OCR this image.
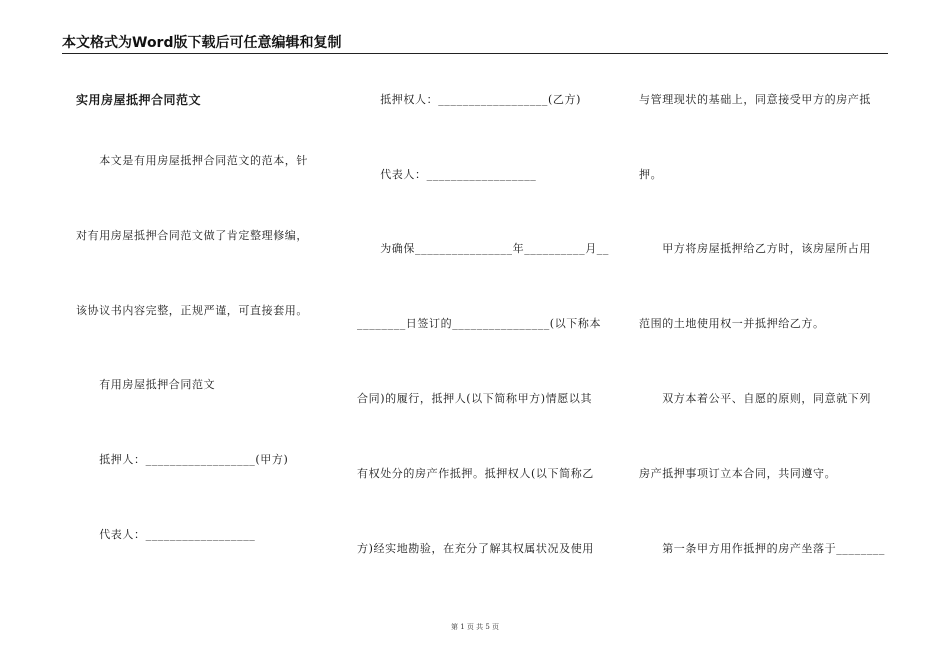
本文格式为Word版下载后可任意编辑和复制
实用房屋抵押合同范文
　　本文是有用房屋抵押合同范文的范本，针
对有用房屋抵押合同范文做了肯定整理修编，
该协议书内容完整，正规严谨，可直接套用。
　　有用房屋抵押合同范文
　　抵押人：__________________(甲方)
　　代表人：__________________
　　抵押权人：__________________(乙方)
　　代表人：__________________
　　为确保________________年__________月__
________日签订的________________(以下称本
合同)的履行，抵押人(以下简称甲方)情愿以其
有权处分的房产作抵押。抵押权人(以下简称乙
方)经实地勘验，在充分了解其权属状况及使用
与管理现状的基础上，同意接受甲方的房产抵
押。
　　甲方将房屋抵押给乙方时，该房屋所占用
范围的土地使用权一并抵押给乙方。
　　双方本着公平、自愿的原则，同意就下列
房产抵押事项订立本合同，共同遵守。
　　第一条甲方用作抵押的房产坐落于________
第 1 页 共 5 页
